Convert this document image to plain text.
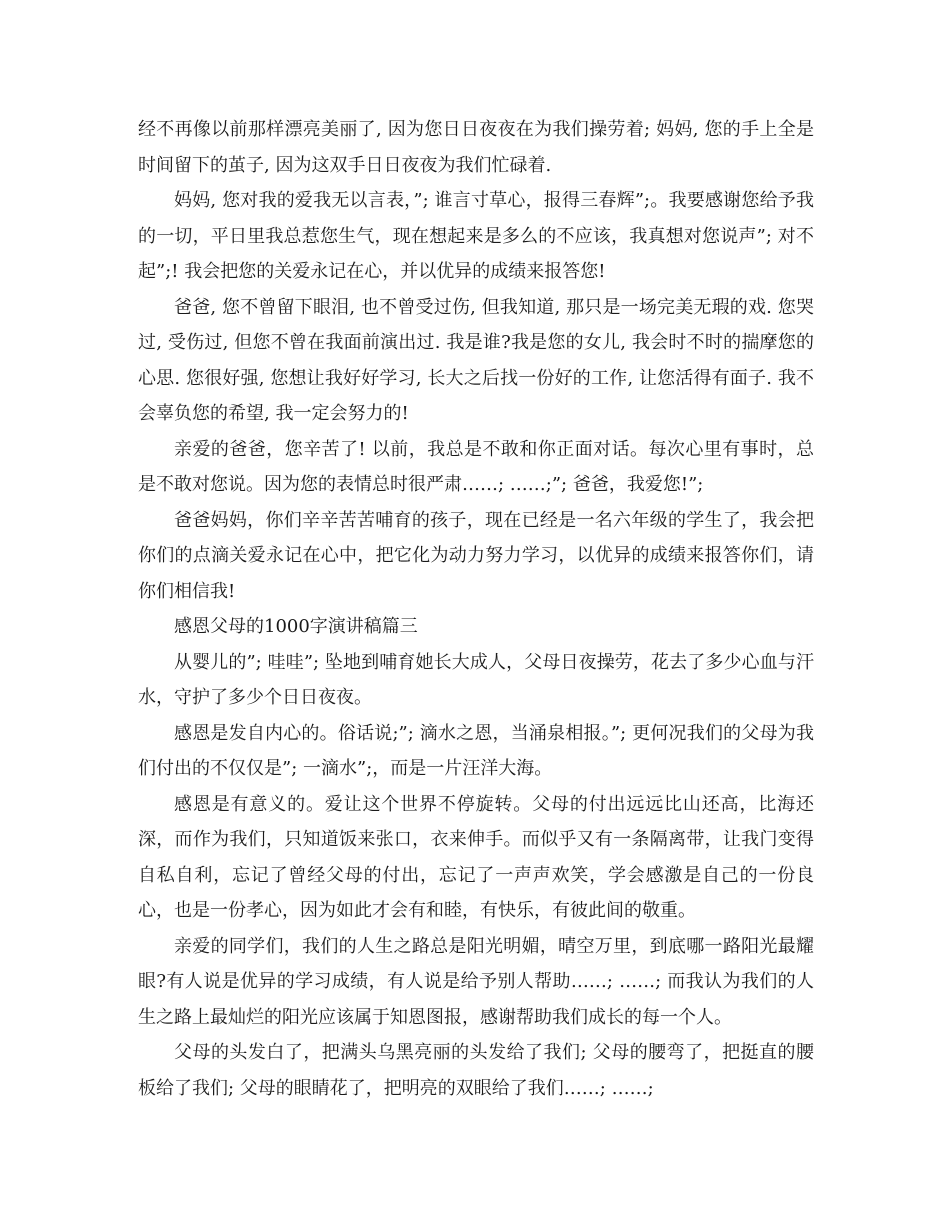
经不再像以前那样漂亮美丽了, 因为您日日夜夜在为我们操劳着; 妈妈, 您的手上全是时间留下的茧子, 因为这双手日日夜夜为我们忙碌着.

妈妈, 您对我的爱我无以言表，”; 谁言寸草心，报得三春辉”;。我要感谢您给予我的一切，平日里我总惹您生气，现在想起来是多么的不应该，我真想对您说声”; 对不起”;! 我会把您的关爱永记在心，并以优异的成绩来报答您!

爸爸, 您不曾留下眼泪, 也不曾受过伤, 但我知道, 那只是一场完美无瑕的戏. 您哭过, 受伤过, 但您不曾在我面前演出过. 我是谁?我是您的女儿, 我会时不时的揣摩您的心思. 您很好强, 您想让我好好学习, 长大之后找一份好的工作, 让您活得有面子. 我不会辜负您的希望, 我一定会努力的!

亲爱的爸爸，您辛苦了! 以前，我总是不敢和你正面对话。每次心里有事时，总是不敢对您说。因为您的表情总时很严肃……; ……;”; 爸爸，我爱您!”;

爸爸妈妈，你们辛辛苦苦哺育的孩子，现在已经是一名六年级的学生了，我会把你们的点滴关爱永记在心中，把它化为动力努力学习，以优异的成绩来报答你们，请你们相信我!

感恩父母的1000字演讲稿篇三

从婴儿的”; 哇哇”; 坠地到哺育她长大成人，父母日夜操劳，花去了多少心血与汗水，守护了多少个日日夜夜。

感恩是发自内心的。俗话说;”; 滴水之恩，当涌泉相报。”; 更何况我们的父母为我们付出的不仅仅是”; 一滴水”;，而是一片汪洋大海。

感恩是有意义的。爱让这个世界不停旋转。父母的付出远远比山还高，比海还深，而作为我们，只知道饭来张口，衣来伸手。而似乎又有一条隔离带，让我门变得自私自利，忘记了曾经父母的付出，忘记了一声声欢笑，学会感激是自己的一份良心，也是一份孝心，因为如此才会有和睦，有快乐，有彼此间的敬重。

亲爱的同学们，我们的人生之路总是阳光明媚，晴空万里，到底哪一路阳光最耀眼?有人说是优异的学习成绩，有人说是给予别人帮助……; ……; 而我认为我们的人生之路上最灿烂的阳光应该属于知恩图报，感谢帮助我们成长的每一个人。

父母的头发白了，把满头乌黑亮丽的头发给了我们; 父母的腰弯了，把挺直的腰板给了我们; 父母的眼睛花了，把明亮的双眼给了我们……; ……;
